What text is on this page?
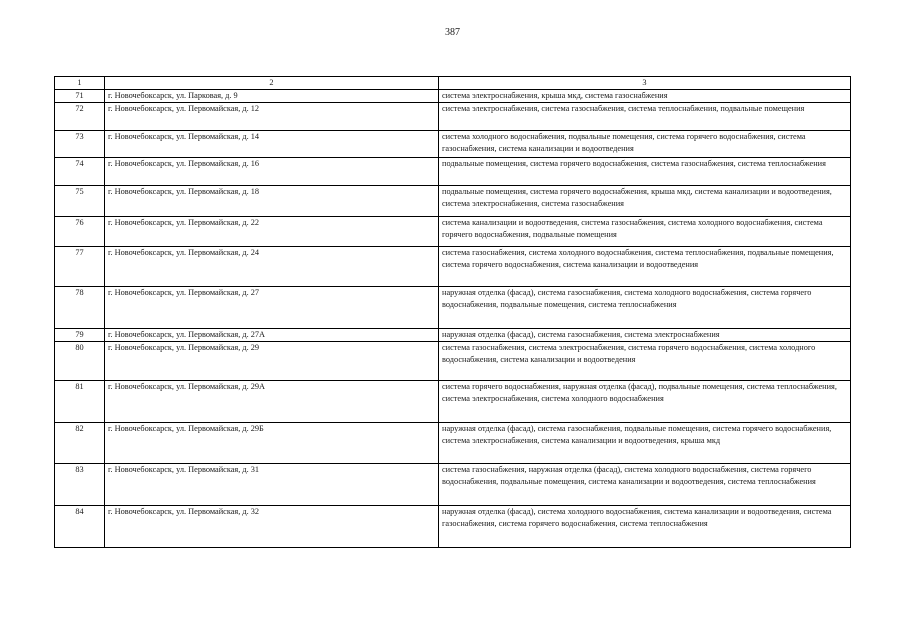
387
1	2	3
71	г. Новочебоксарск, ул. Парковая, д. 9	система электроснабжения, крыша мкд, система газоснабжения
72	г. Новочебоксарск, ул. Первомайская, д. 12	система электроснабжения, система газоснабжения, система теплоснабжения, подвальные помещения
73	г. Новочебоксарск, ул. Первомайская, д. 14	система холодного водоснабжения, подвальные помещения, система горячего водоснабжения, система газоснабжения, система канализации и водоотведения
74	г. Новочебоксарск, ул. Первомайская, д. 16	подвальные помещения, система горячего водоснабжения, система газоснабжения, система теплоснабжения
75	г. Новочебоксарск, ул. Первомайская, д. 18	подвальные помещения, система горячего водоснабжения, крыша мкд, система канализации и водоотведения, система электроснабжения, система газоснабжения
76	г. Новочебоксарск, ул. Первомайская, д. 22	система канализации и водоотведения, система газоснабжения, система холодного водоснабжения, система горячего водоснабжения, подвальные помещения
77	г. Новочебоксарск, ул. Первомайская, д. 24	система газоснабжения, система холодного водоснабжения, система теплоснабжения, подвальные помещения, система горячего водоснабжения, система канализации и водоотведения
78	г. Новочебоксарск, ул. Первомайская, д. 27	наружная отделка (фасад), система газоснабжения, система холодного водоснабжения, система горячего водоснабжения, подвальные помещения, система теплоснабжения
79	г. Новочебоксарск, ул. Первомайская, д. 27А	наружная отделка (фасад), система газоснабжения, система электроснабжения
80	г. Новочебоксарск, ул. Первомайская, д. 29	система газоснабжения, система электроснабжения, система горячего водоснабжения, система холодного водоснабжения, система канализации и водоотведения
81	г. Новочебоксарск, ул. Первомайская, д. 29А	система горячего водоснабжения, наружная отделка (фасад), подвальные помещения, система теплоснабжения, система электроснабжения, система холодного водоснабжения
82	г. Новочебоксарск, ул. Первомайская, д. 29Б	наружная отделка (фасад), система газоснабжения, подвальные помещения, система горячего водоснабжения, система электроснабжения, система канализации и водоотведения, крыша мкд
83	г. Новочебоксарск, ул. Первомайская, д. 31	система газоснабжения, наружная отделка (фасад), система холодного водоснабжения, система горячего водоснабжения, подвальные помещения, система канализации и водоотведения, система теплоснабжения
84	г. Новочебоксарск, ул. Первомайская, д. 32	наружная отделка (фасад), система холодного водоснабжения, система канализации и водоотведения, система газоснабжения, система горячего водоснабжения, система теплоснабжения
